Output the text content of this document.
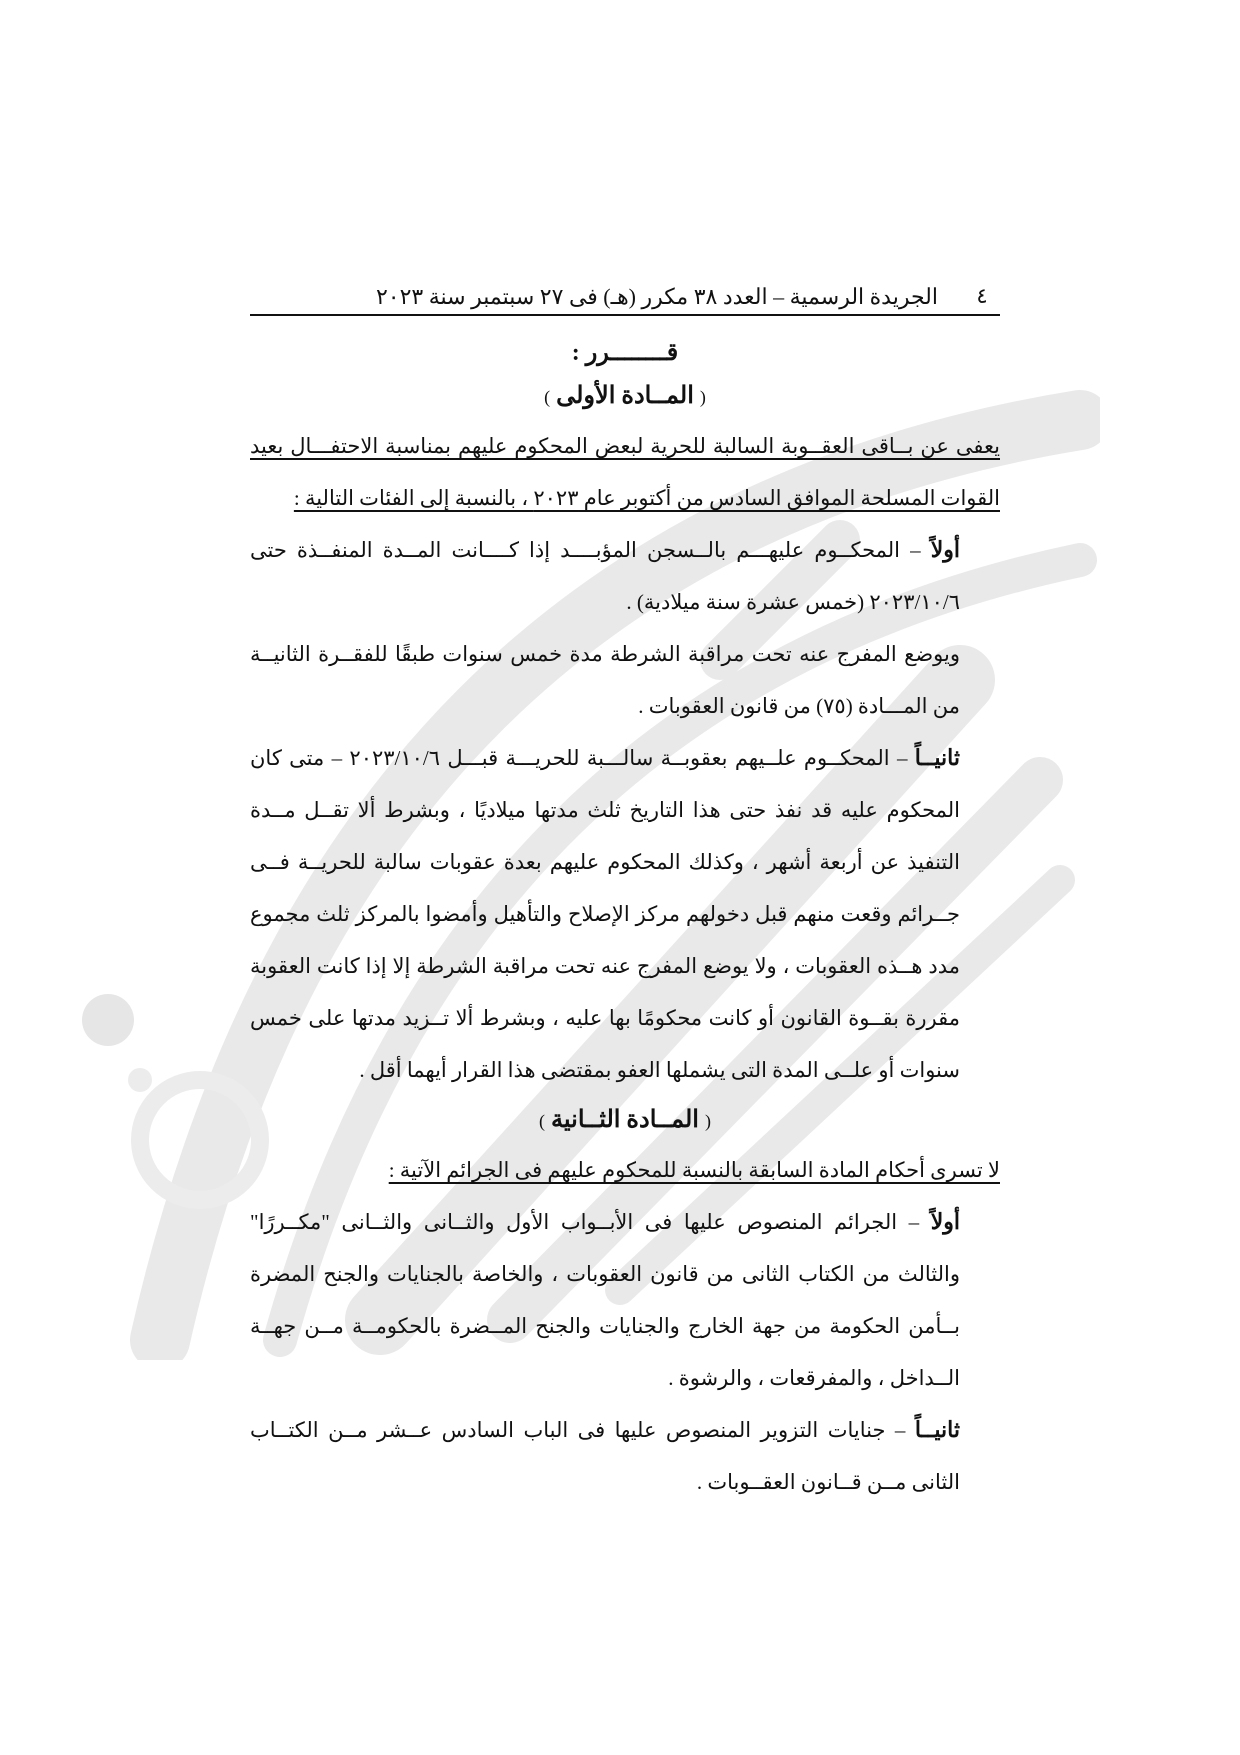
٤
الجريدة الرسمية – العدد ٣٨ مكرر (هـ) فى ٢٧ سبتمبر سنة ٢٠٢٣

قــــــــرر :

( المــادة الأولى )

يعفى عن بــاقى العقــوبة السالبة للحرية لبعض المحكوم عليهم بمناسبة الاحتفـــال بعيد القوات المسلحة الموافق السادس من أكتوبر عام ٢٠٢٣ ، بالنسبة إلى الفئات التالية :

أولاً – المحكــوم عليهـــم بالــسجن المؤبــــد إذا كــــانت المــدة المنفــذة حتى ٢٠٢٣/١٠/٦ (خمس عشرة سنة ميلادية) .

ويوضع المفرج عنه تحت مراقبة الشرطة مدة خمس سنوات طبقًا للفقــرة الثانيــة من المـــادة (٧٥) من قانون العقوبات .

ثانيــاً – المحكــوم علــيهم بعقوبــة سالـــبة للحريـــة قبـــل ٢٠٢٣/١٠/٦ – متى كان المحكوم عليه قد نفذ حتى هذا التاريخ ثلث مدتها ميلاديًا ، وبشرط ألا تقــل مــدة التنفيذ عن أربعة أشهر ، وكذلك المحكوم عليهم بعدة عقوبات سالبة للحريــة فــى جــرائم وقعت منهم قبل دخولهم مركز الإصلاح والتأهيل وأمضوا بالمركز ثلث مجموع مدد هــذه العقوبات ، ولا يوضع المفرج عنه تحت مراقبة الشرطة إلا إذا كانت العقوبة مقررة بقــوة القانون أو كانت محكومًا بها عليه ، وبشرط ألا تــزيد مدتها على خمس سنوات أو علــى المدة التى يشملها العفو بمقتضى هذا القرار أيهما أقل .

( المــادة الثــانية )

لا تسرى أحكام المادة السابقة بالنسبة للمحكوم عليهم فى الجرائم الآتية :

أولاً – الجرائم المنصوص عليها فى الأبــواب الأول والثــانى والثــانى "مكــررًا" والثالث من الكتاب الثانى من قانون العقوبات ، والخاصة بالجنايات والجنح المضرة بــأمن الحكومة من جهة الخارج والجنايات والجنح المــضرة بالحكومــة مــن جهــة الــداخل ، والمفرقعات ، والرشوة .

ثانيــاً – جنايات التزوير المنصوص عليها فى الباب السادس عــشر مــن الكتــاب الثانى مــن قــانون العقــوبات .
